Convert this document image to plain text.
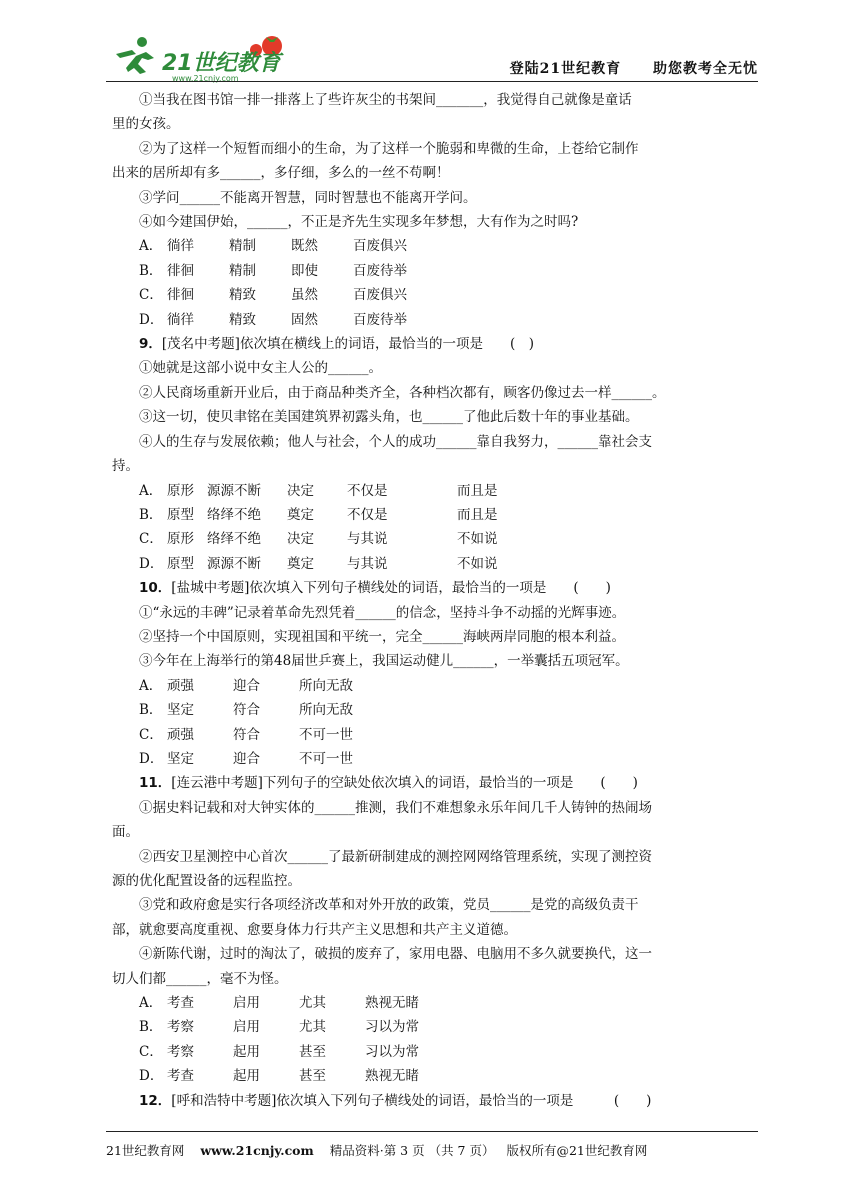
21世纪教育
www.21cnjy.com
登陆21世纪教育 助您教考全无忧

①当我在图书馆一排一排落上了些许灰尘的书架间_______，我觉得自己就像是童话

里的女孩。

②为了这样一个短暂而细小的生命，为了这样一个脆弱和卑微的生命，上苍给它制作

出来的居所却有多______，多仔细，多么的一丝不苟啊！

③学问______不能离开智慧，同时智慧也不能离开学问。

④如今建国伊始，______，不正是齐先生实现多年梦想，大有作为之时吗?

A． 徜徉	精制	既然	百废俱兴
B． 徘徊	精制	即使	百废待举
C． 徘徊	精致	虽然	百废俱兴
D． 徜徉	精致	固然	百废待举

9．[茂名中考题]依次填在横线上的词语，最恰当的一项是　　(　)

①她就是这部小说中女主人公的______。

②人民商场重新开业后，由于商品种类齐全，各种档次都有，顾客仍像过去一样______。

③这一切，使贝聿铭在美国建筑界初露头角，也______了他此后数十年的事业基础。

④人的生存与发展依赖；他人与社会，个人的成功______靠自我努力，______靠社会支

持。

A． 原形 源源不断 决定 不仅是	而且是
B． 原型 络绎不绝 奠定 不仅是	而且是
C． 原形 络绎不绝 决定 与其说	不如说
D． 原型 源源不断 奠定 与其说	不如说

10．[盐城中考题]依次填入下列句子横线处的词语，最恰当的一项是　　(　　)

①“永远的丰碑”记录着革命先烈凭着______的信念，坚持斗争不动摇的光辉事迹。

②坚持一个中国原则，实现祖国和平统一，完全______海峡两岸同胞的根本利益。

③今年在上海举行的第48届世乒赛上，我国运动健儿______，一举囊括五项冠军。

A． 顽强	迎合	所向无敌
B． 坚定	符合	所向无敌
C． 顽强	符合	不可一世
D． 坚定	迎合	不可一世

11．[连云港中考题]下列句子的空缺处依次填入的词语，最恰当的一项是　　(　　)

①据史料记载和对大钟实体的______推测，我们不难想象永乐年间几千人铸钟的热闹场

面。

②西安卫星测控中心首次______了最新研制建成的测控网网络管理系统，实现了测控资

源的优化配置设备的远程监控。

③党和政府愈是实行各项经济改革和对外开放的政策，党员______是党的高级负责干

部，就愈要高度重视、愈要身体力行共产主义思想和共产主义道德。

④新陈代谢，过时的淘汰了，破损的废弃了，家用电器、电脑用不多久就要换代，这一

切人们都______，毫不为怪。

A． 考查	启用	尤其	熟视无睹
B． 考察	启用	尤其	习以为常
C． 考察	起用	甚至	习以为常
D． 考查	起用	甚至	熟视无睹

12．[呼和浩特中考题]依次填入下列句子横线处的词语，最恰当的一项是　　　(　　)

21世纪教育网 www.21cnjy.com 精品资料·第 3 页 （共 7 页） 版权所有@21世纪教育网
